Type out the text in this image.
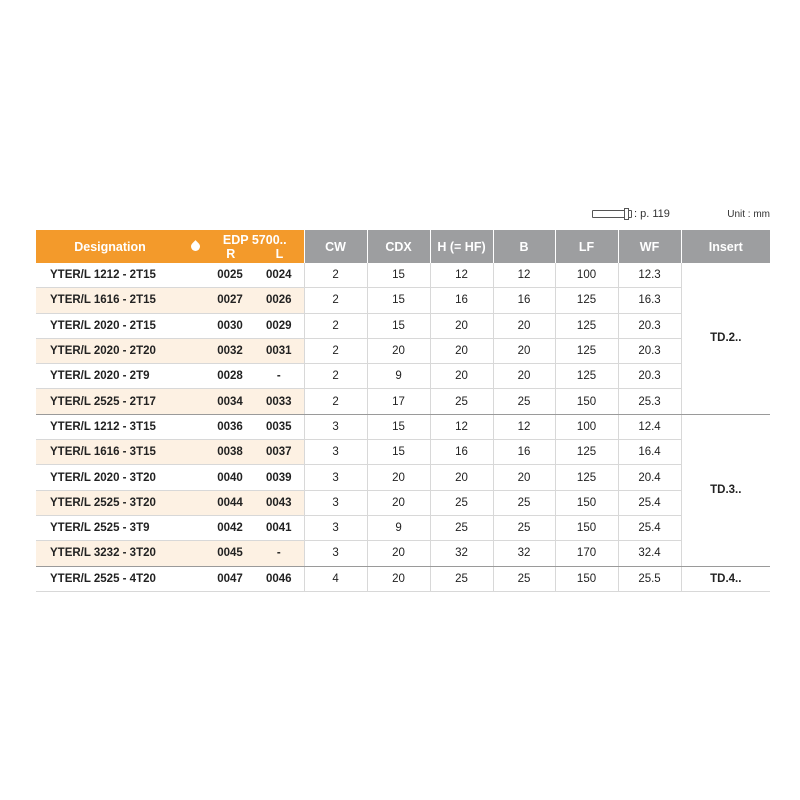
: p. 119	Unit : mm
Designation		EDP 5700..
R L		CW	CDX	H (= HF)	B	LF	WF	Insert
YTER/L 1212 - 2T15		0025	0024	2	15	12	12	100	12.3	TD.2..
YTER/L 1616 - 2T15		0027	0026	2	15	16	16	125	16.3	
YTER/L 2020 - 2T15		0030	0029	2	15	20	20	125	20.3	
YTER/L 2020 - 2T20		0032	0031	2	20	20	20	125	20.3	
YTER/L 2020 - 2T9		0028	-	2	9	20	20	125	20.3	
YTER/L 2525 - 2T17		0034	0033	2	17	25	25	150	25.3	
YTER/L 1212 - 3T15		0036	0035	3	15	12	12	100	12.4	TD.3..
YTER/L 1616 - 3T15		0038	0037	3	15	16	16	125	16.4	
YTER/L 2020 - 3T20		0040	0039	3	20	20	20	125	20.4	
YTER/L 2525 - 3T20		0044	0043	3	20	25	25	150	25.4	
YTER/L 2525 - 3T9		0042	0041	3	9	25	25	150	25.4	
YTER/L 3232 - 3T20		0045	-	3	20	32	32	170	32.4	
YTER/L 2525 - 4T20		0047	0046	4	20	25	25	150	25.5	TD.4..
